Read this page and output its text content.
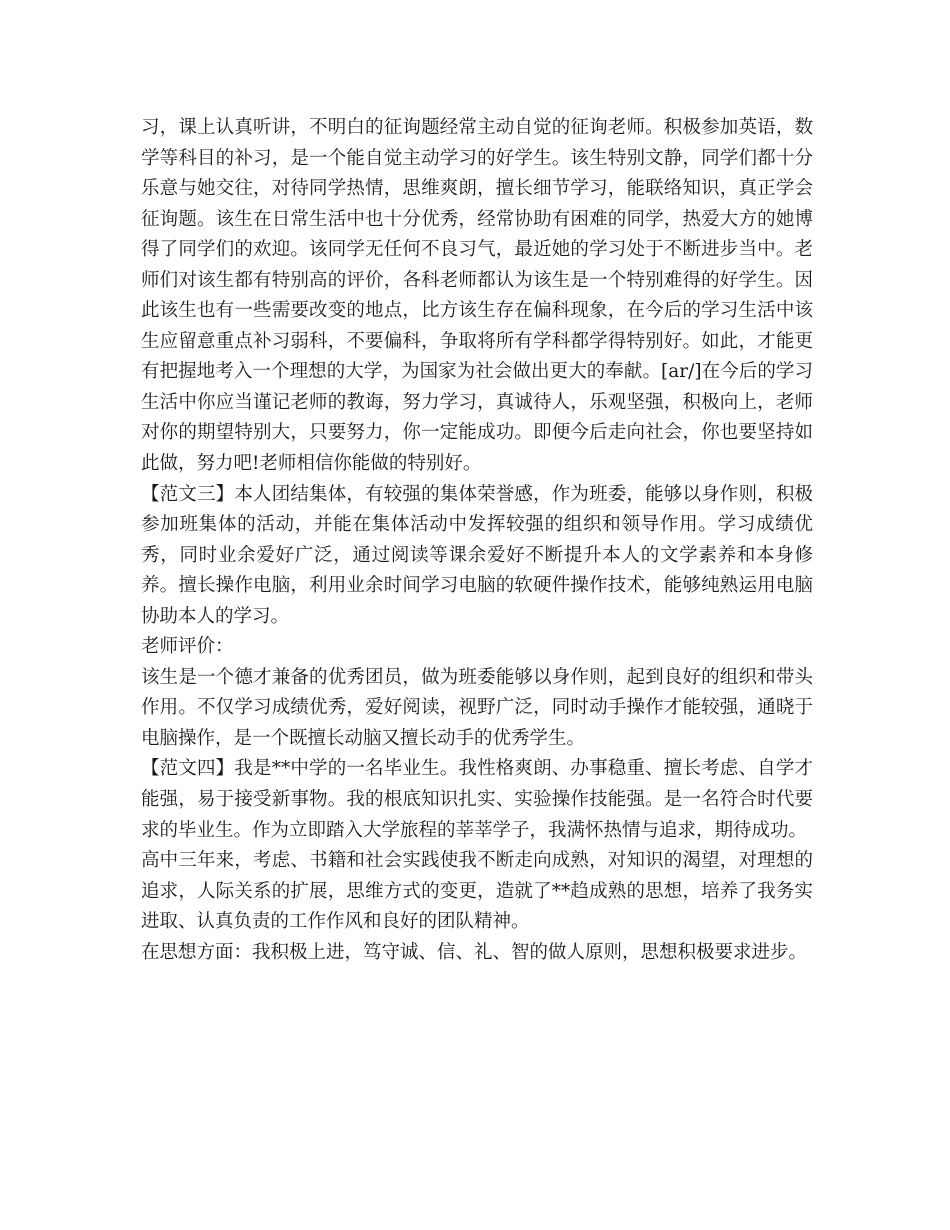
习，课上认真听讲，不明白的征询题经常主动自觉的征询老师。积极参加英语，数学等科目的补习，是一个能自觉主动学习的好学生。该生特别文静，同学们都十分乐意与她交往，对待同学热情，思维爽朗，擅长细节学习，能联络知识，真正学会征询题。该生在日常生活中也十分优秀，经常协助有困难的同学，热爱大方的她博得了同学们的欢迎。该同学无任何不良习气，最近她的学习处于不断进步当中。老师们对该生都有特别高的评价，各科老师都认为该生是一个特别难得的好学生。因此该生也有一些需要改变的地点，比方该生存在偏科现象，在今后的学习生活中该生应留意重点补习弱科，不要偏科，争取将所有学科都学得特别好。如此，才能更有把握地考入一个理想的大学，为国家为社会做出更大的奉献。[ar/]在今后的学习生活中你应当谨记老师的教诲，努力学习，真诚待人，乐观坚强，积极向上，老师对你的期望特别大，只要努力，你一定能成功。即便今后走向社会，你也要坚持如此做，努力吧!老师相信你能做的特别好。

【范文三】本人团结集体，有较强的集体荣誉感，作为班委，能够以身作则，积极参加班集体的活动，并能在集体活动中发挥较强的组织和领导作用。学习成绩优秀，同时业余爱好广泛，通过阅读等课余爱好不断提升本人的文学素养和本身修养。擅长操作电脑，利用业余时间学习电脑的软硬件操作技术，能够纯熟运用电脑协助本人的学习。

老师评价：

该生是一个德才兼备的优秀团员，做为班委能够以身作则，起到良好的组织和带头作用。不仅学习成绩优秀，爱好阅读，视野广泛，同时动手操作才能较强，通晓于电脑操作，是一个既擅长动脑又擅长动手的优秀学生。

【范文四】我是**中学的一名毕业生。我性格爽朗、办事稳重、擅长考虑、自学才能强，易于接受新事物。我的根底知识扎实、实验操作技能强。是一名符合时代要求的毕业生。作为立即踏入大学旅程的莘莘学子，我满怀热情与追求，期待成功。

高中三年来，考虑、书籍和社会实践使我不断走向成熟，对知识的渴望，对理想的追求，人际关系的扩展，思维方式的变更，造就了**趋成熟的思想，培养了我务实进取、认真负责的工作作风和良好的团队精神。

在思想方面：我积极上进，笃守诚、信、礼、智的做人原则，思想积极要求进步。
